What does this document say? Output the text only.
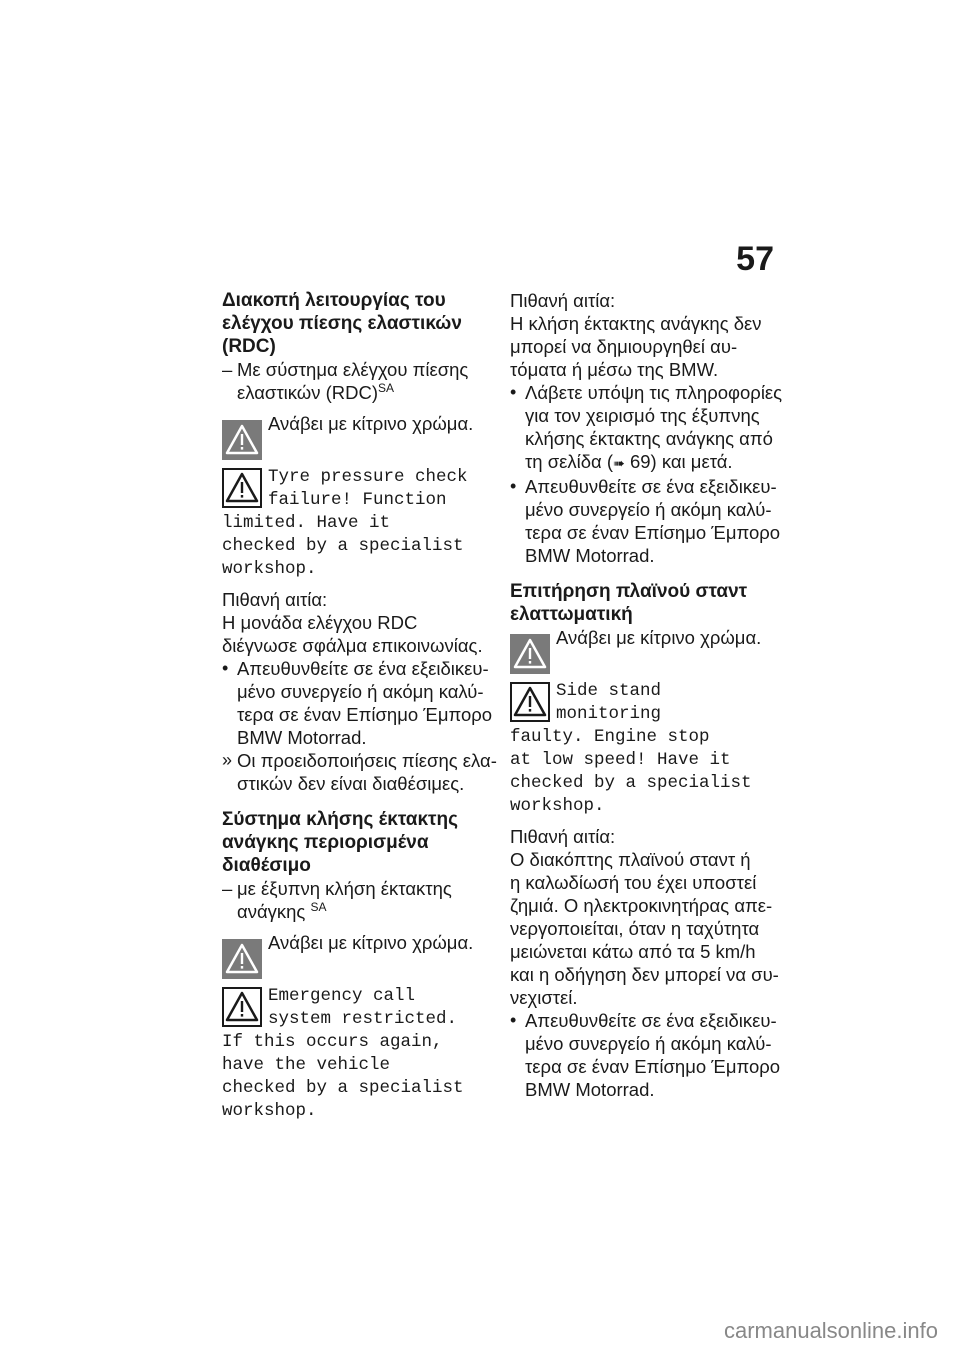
57

Διακοπή λειτουργίας του

ελέγχου πίεσης ελαστικών

(RDC)

– Με σύστημα ελέγχου πίεσης

ελαστικών (RDC)$^{SA}$

Ανάβει με κίτρινο χρώμα.

Tyre pressure check

failure! Function

limited. Have it

checked by a specialist

workshop.

Πιθανή αιτία:

Η μονάδα ελέγχου RDC

διέγνωσε σφάλμα επικοινωνίας.

• Απευθυνθείτε σε ένα εξειδικευ-

μένο συνεργείο ή ακόμη καλύ-

τερα σε έναν Επίσημο Έμπορο

BMW Motorrad.

» Οι προειδοποιήσεις πίεσης ελα-

στικών δεν είναι διαθέσιμες.

Σύστημα κλήσης έκτακτης

ανάγκης περιορισμένα

διαθέσιμο

– με έξυπνη κλήση έκτακτης

ανάγκης $^{SA}$

Ανάβει με κίτρινο χρώμα.

Emergency call

system restricted.

If this occurs again,

have the vehicle

checked by a specialist

workshop.

Πιθανή αιτία:

Η κλήση έκτακτης ανάγκης δεν

μπορεί να δημιουργηθεί αυ-

τόματα ή μέσω της BMW.

• Λάβετε υπόψη τις πληροφορίες

για τον χειρισμό της έξυπνης

κλήσης έκτακτης ανάγκης από

τη σελίδα (➠ 69) και μετά.

• Απευθυνθείτε σε ένα εξειδικευ-

μένο συνεργείο ή ακόμη καλύ-

τερα σε έναν Επίσημο Έμπορο

BMW Motorrad.

Επιτήρηση πλαϊνού σταντ

ελαττωματική

Ανάβει με κίτρινο χρώμα.

Side stand

monitoring

faulty. Engine stop

at low speed! Have it

checked by a specialist

workshop.

Πιθανή αιτία:

Ο διακόπτης πλαϊνού σταντ ή

η καλωδίωσή του έχει υποστεί

ζημιά. Ο ηλεκτροκινητήρας απε-

νεργοποιείται, όταν η ταχύτητα

μειώνεται κάτω από τα 5 km/h

και η οδήγηση δεν μπορεί να συ-

νεχιστεί.

• Απευθυνθείτε σε ένα εξειδικευ-

μένο συνεργείο ή ακόμη καλύ-

τερα σε έναν Επίσημο Έμπορο

BMW Motorrad.

carmanualsonline.info
